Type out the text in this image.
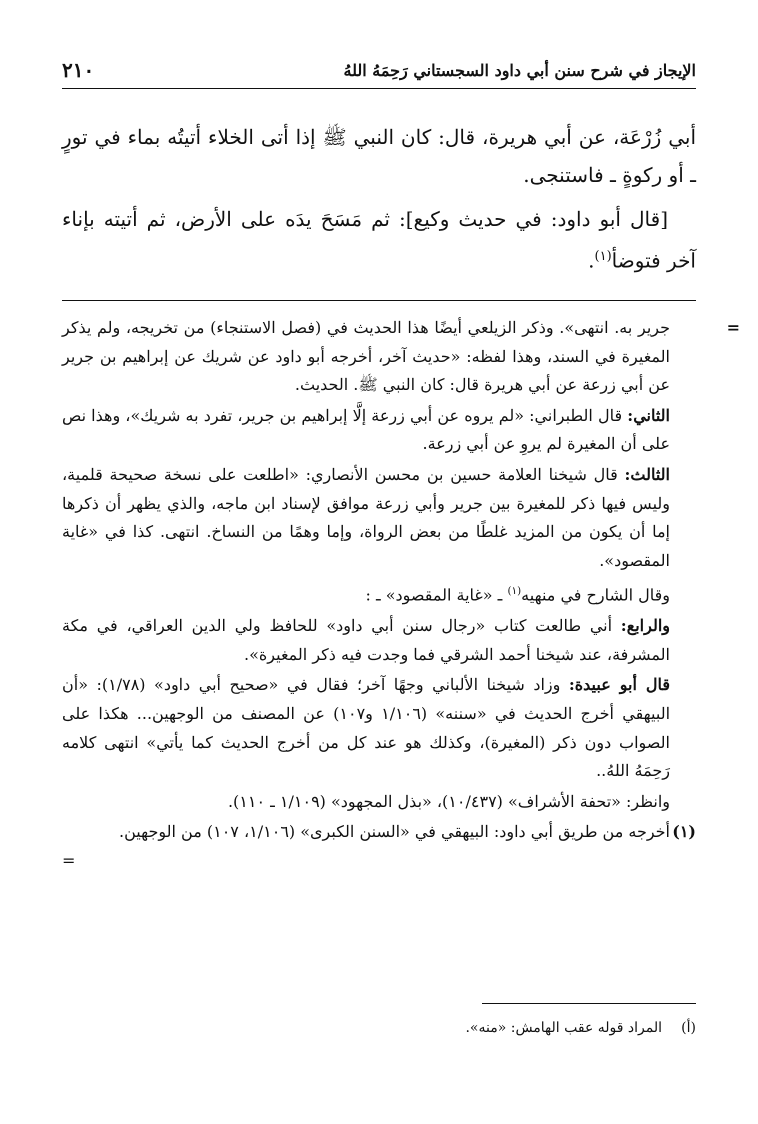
الإيجاز في شرح سنن أبي داود السجستاني رَحِمَهُ اللهُ
٢١٠

أبي زُرْعَة، عن أبي هريرة، قال: كان النبي ﷺ إذا أتى الخلاء أتيتُه بماء في تورٍ ـ أو ركوةٍ ـ فاستنجى.

[قال أبو داود: في حديث وكيع]: ثم مَسَحَ يدَه على الأرض، ثم أتيته بإناء آخر فتوضأ$^{(١)}$.

=
جرير به. انتهى». وذكر الزيلعي أيضًا هذا الحديث في (فصل الاستنجاء) من تخريجه، ولم يذكر المغيرة في السند، وهذا لفظه: «حديث آخر، أخرجه أبو داود عن شريك عن إبراهيم بن جرير عن أبي زرعة عن أبي هريرة قال: كان النبي ﷺ. الحديث.

الثاني: قال الطبراني: «لم يروه عن أبي زرعة إلَّا إبراهيم بن جرير، تفرد به شريك»، وهذا نص على أن المغيرة لم يروِ عن أبي زرعة.

الثالث: قال شيخنا العلامة حسين بن محسن الأنصاري: «اطلعت على نسخة صحيحة قلمية، وليس فيها ذكر للمغيرة بين جرير وأبي زرعة موافق لإسناد ابن ماجه، والذي يظهر أن ذكرها إما أن يكون من المزيد غلطًا من بعض الرواة، وإما وهمًا من النساخ. انتهى. كذا في «غاية المقصود».

وقال الشارح في منهيه$^{(١)}$ ـ «غاية المقصود» ـ :

والرابع: أني طالعت كتاب «رجال سنن أبي داود» للحافظ ولي الدين العراقي، في مكة المشرفة، عند شيخنا أحمد الشرقي فما وجدت فيه ذكر المغيرة».

قال أبو عبيدة: وزاد شيخنا الألباني وجهًا آخر؛ فقال في «صحيح أبي داود» (١/٧٨): «أن البيهقي أخرج الحديث في «سننه» (١/١٠٦ و١٠٧) عن المصنف من الوجهين... هكذا على الصواب دون ذكر (المغيرة)، وكذلك هو عند كل من أخرج الحديث كما يأتي» انتهى كلامه رَحِمَهُ اللهُ..

وانظر: «تحفة الأشراف» (١٠/٤٣٧)، «بذل المجهود» (١/١٠٩ ـ ١١٠).

(١)
أخرجه من طريق أبي داود: البيهقي في «السنن الكبرى» (١/١٠٦، ١٠٧) من الوجهين.
=
(أ)
المراد قوله عقب الهامش: «منه».
